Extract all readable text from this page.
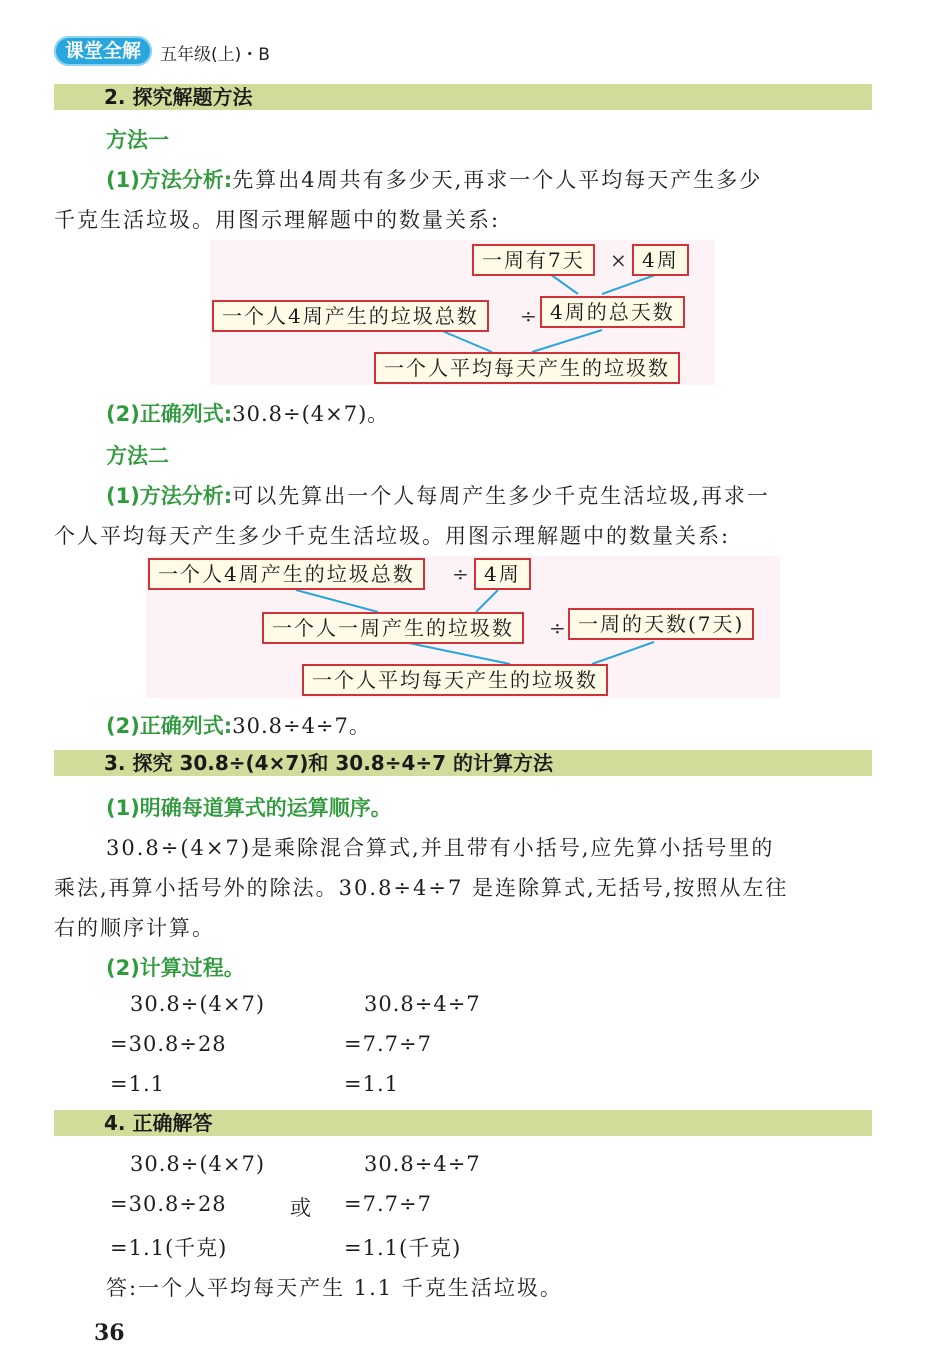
课堂全解	五年级(上)・B
2. 探究解题方法
方法一
(1)方法分析:先算出4周共有多少天,再求一个人平均每天产生多少
千克生活垃圾。用图示理解题中的数量关系:
一周有7天	× 4周
一个人4周产生的垃圾总数	÷ 4周的总天数
一个人平均每天产生的垃圾数
(2)正确列式:30.8÷(4×7)。
方法二
(1)方法分析:可以先算出一个人每周产生多少千克生活垃圾,再求一
个人平均每天产生多少千克生活垃圾。用图示理解题中的数量关系:
一个人4周产生的垃圾总数	÷ 4周
一个人一周产生的垃圾数	÷ 一周的天数(7天)
一个人平均每天产生的垃圾数
(2)正确列式:30.8÷4÷7。
3. 探究 30.8÷(4×7)和 30.8÷4÷7 的计算方法
(1)明确每道算式的运算顺序。
30.8÷(4×7)是乘除混合算式,并且带有小括号,应先算小括号里的
乘法,再算小括号外的除法。30.8÷4÷7 是连除算式,无括号,按照从左往
右的顺序计算。
(2)计算过程。
30.8÷(4×7)
=30.8÷28
=1.1
30.8÷4÷7
=7.7÷7
=1.1
4. 正确解答
30.8÷(4×7)
=30.8÷28
=1.1(千克)
或
30.8÷4÷7
=7.7÷7
=1.1(千克)
答:一个人平均每天产生 1.1 千克生活垃圾。
36
